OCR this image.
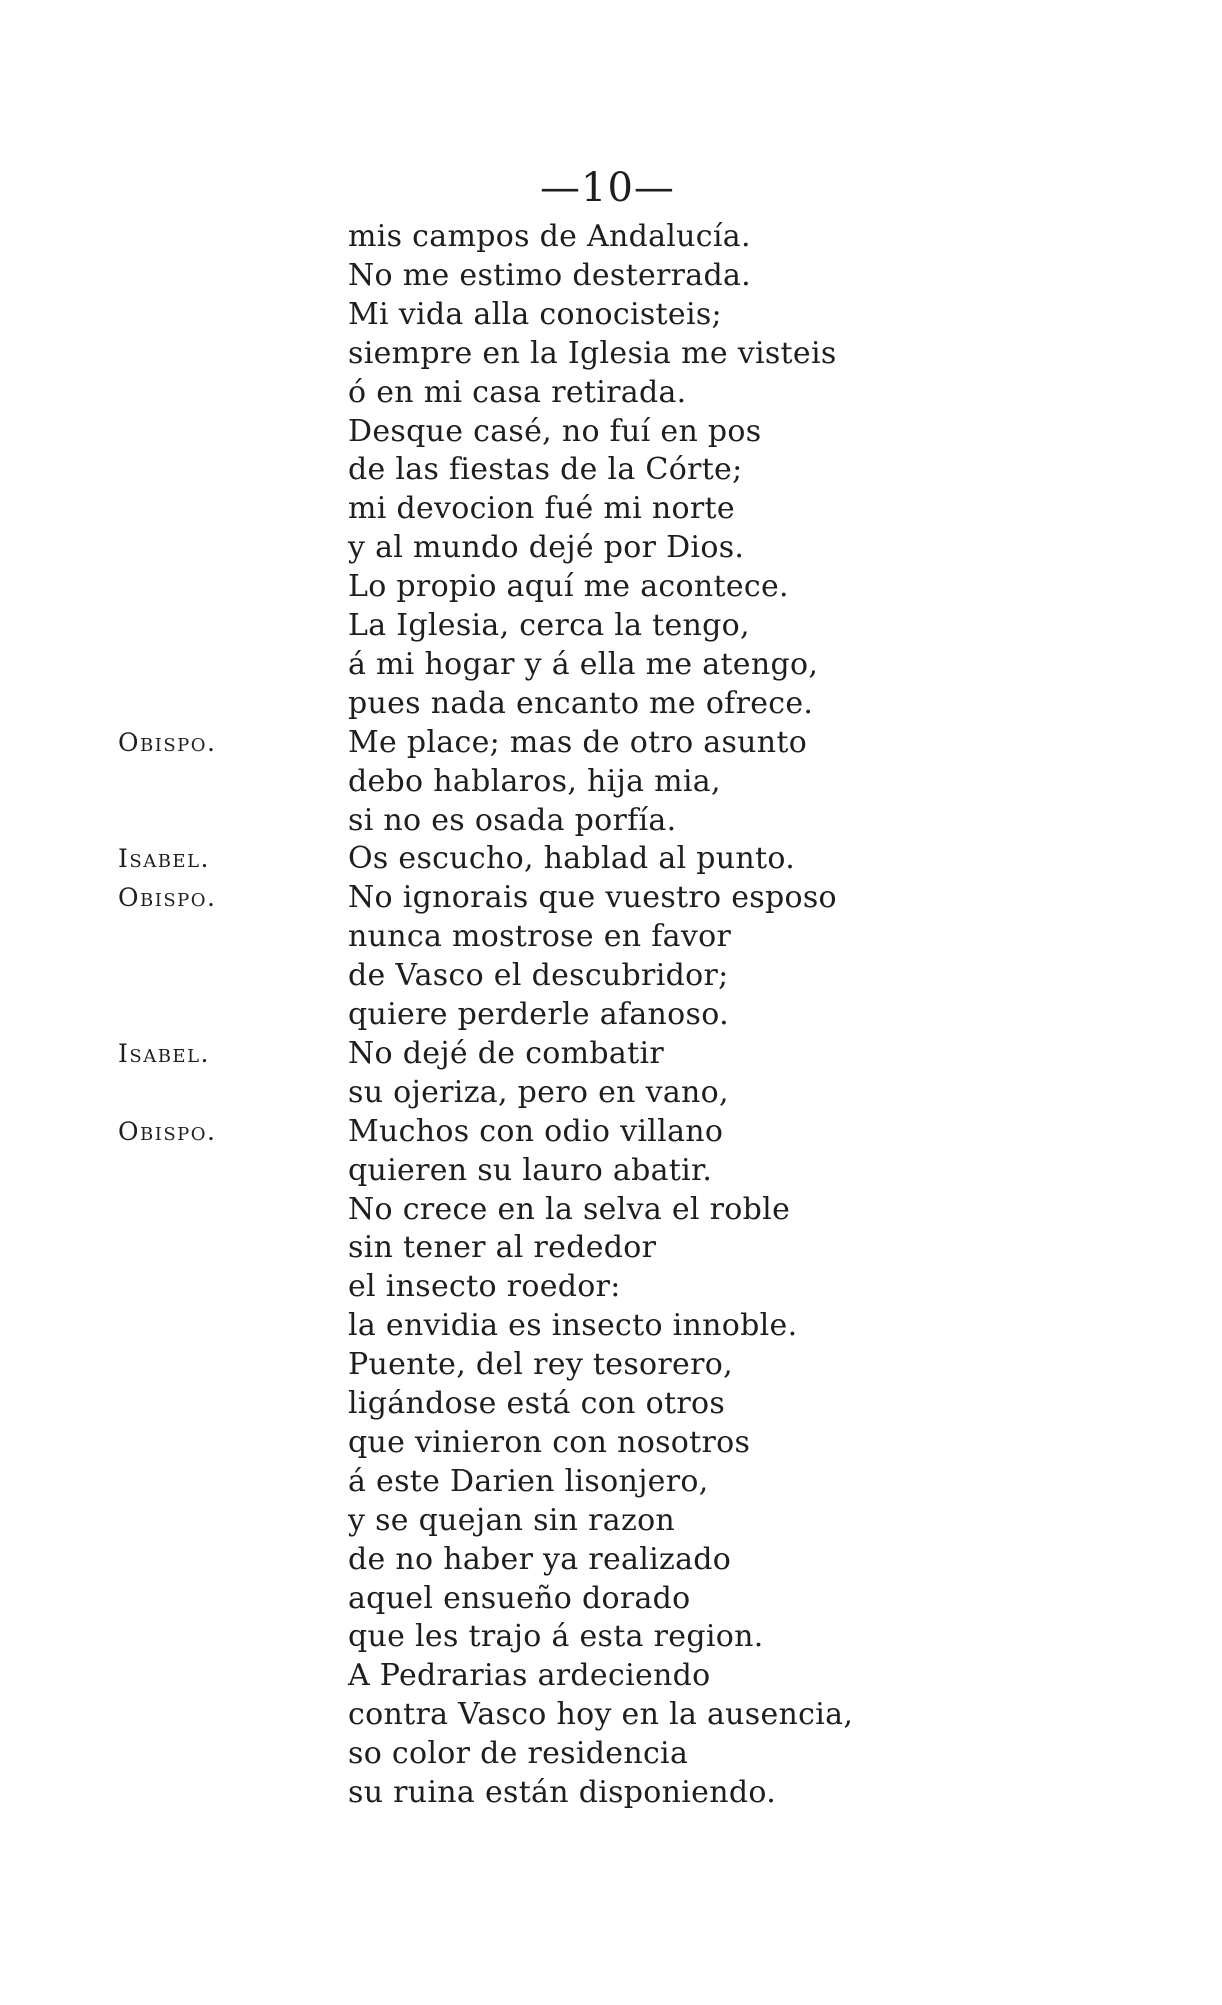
—10—
mis campos de Andalucía.
No me estimo desterrada.
Mi vida alla conocisteis;
siempre en la Iglesia me visteis
ó en mi casa retirada.
Desque casé, no fuí en pos
de las fiestas de la Córte;
mi devocion fué mi norte
y al mundo dejé por Dios.
Lo propio aquí me acontece.
La Iglesia, cerca la tengo,
á mi hogar y á ella me atengo,
pues nada encanto me ofrece.
Me place; mas de otro asunto
debo hablaros, hija mia,
si no es osada porfía.
Os escucho, hablad al punto.
No ignorais que vuestro esposo
nunca mostrose en favor
de Vasco el descubridor;
quiere perderle afanoso.
No dejé de combatir
su ojeriza, pero en vano,
Muchos con odio villano
quieren su lauro abatir.
No crece en la selva el roble
sin tener al rededor
el insecto roedor:
la envidia es insecto innoble.
Puente, del rey tesorero,
ligándose está con otros
que vinieron con nosotros
á este Darien lisonjero,
y se quejan sin razon
de no haber ya realizado
aquel ensueño dorado
que les trajo á esta region.
A Pedrarias ardeciendo
contra Vasco hoy en la ausencia,
so color de residencia
su ruina están disponiendo.
Obispo.
Isabel.
Obispo.
Isabel.
Obispo.
